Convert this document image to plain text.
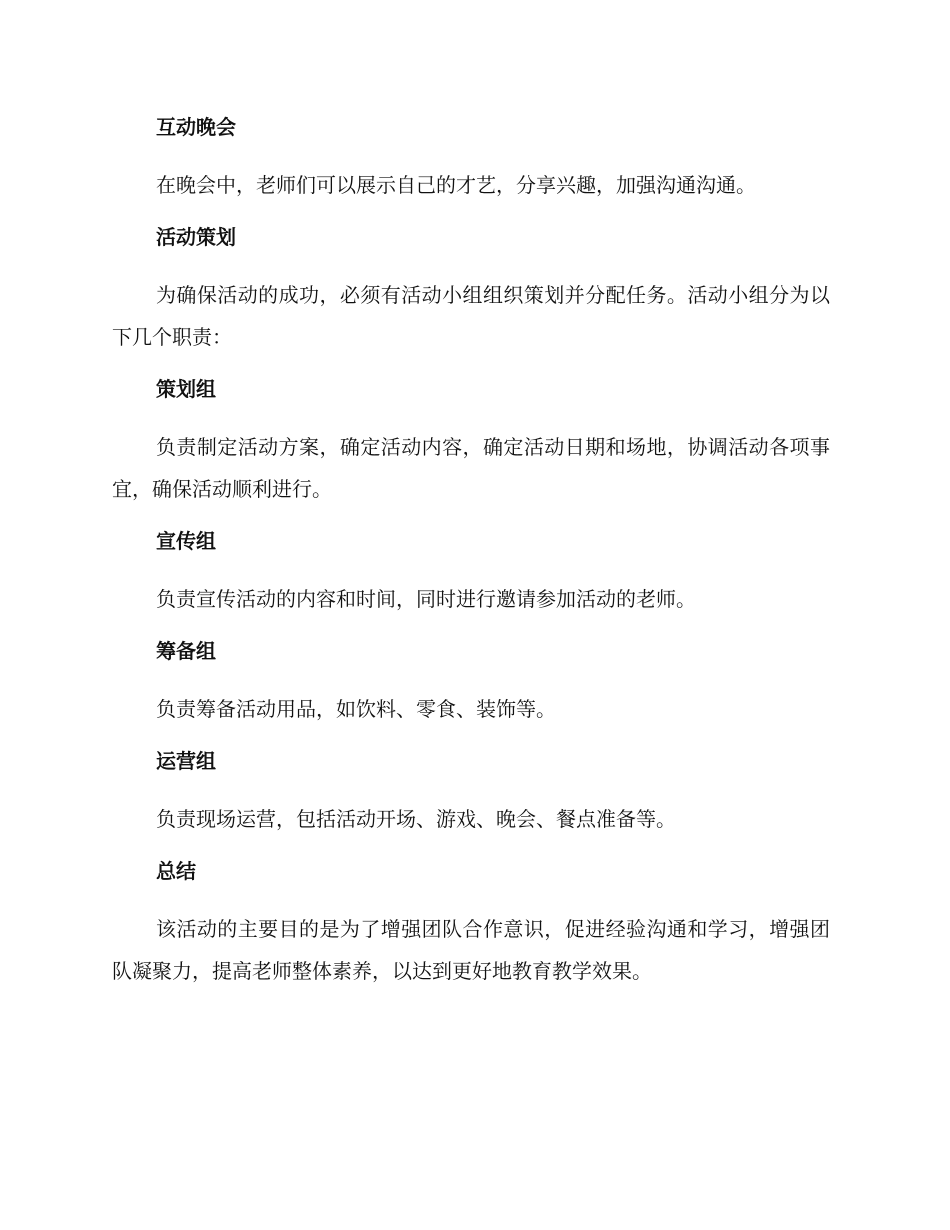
互动晚会
在晚会中，老师们可以展示自己的才艺，分享兴趣，加强沟通沟通。
活动策划
为确保活动的成功，必须有活动小组组织策划并分配任务。活动小组分为以下几个职责：
策划组
负责制定活动方案，确定活动内容，确定活动日期和场地，协调活动各项事宜，确保活动顺利进行。
宣传组
负责宣传活动的内容和时间，同时进行邀请参加活动的老师。
筹备组
负责筹备活动用品，如饮料、零食、装饰等。
运营组
负责现场运营，包括活动开场、游戏、晚会、餐点准备等。
总结
该活动的主要目的是为了增强团队合作意识，促进经验沟通和学习，增强团队凝聚力，提高老师整体素养，以达到更好地教育教学效果。
